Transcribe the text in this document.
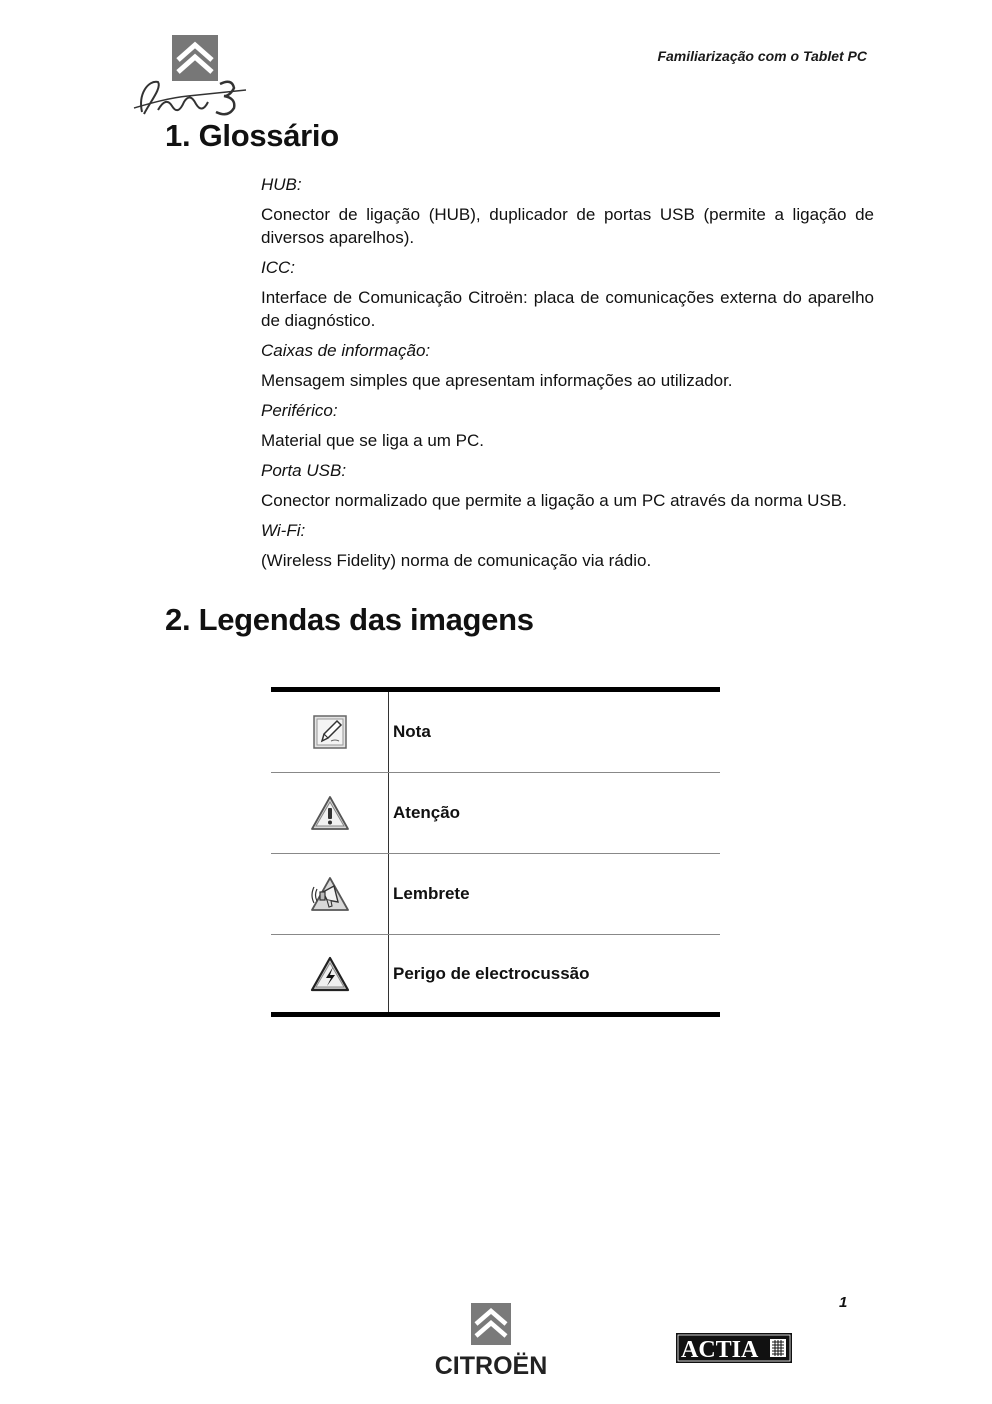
Familiarização com o Tablet PC
1. Glossário

HUB:

Conector de ligação (HUB), duplicador de portas USB (permite a ligação de diversos aparelhos).

ICC:

Interface de Comunicação Citroën: placa de comunicações externa do aparelho de diagnóstico.

Caixas de informação:

Mensagem simples que apresentam informações ao utilizador.

Periférico:

Material que se liga a um PC.

Porta USB:

Conector normalizado que permite a ligação a um PC através da norma USB.

Wi-Fi:

(Wireless Fidelity) norma de comunicação via rádio.

2. Legendas das imagens
Nota
Atenção
Lembrete
Perigo de electrocussão
1
CITROËN
ACTIA
